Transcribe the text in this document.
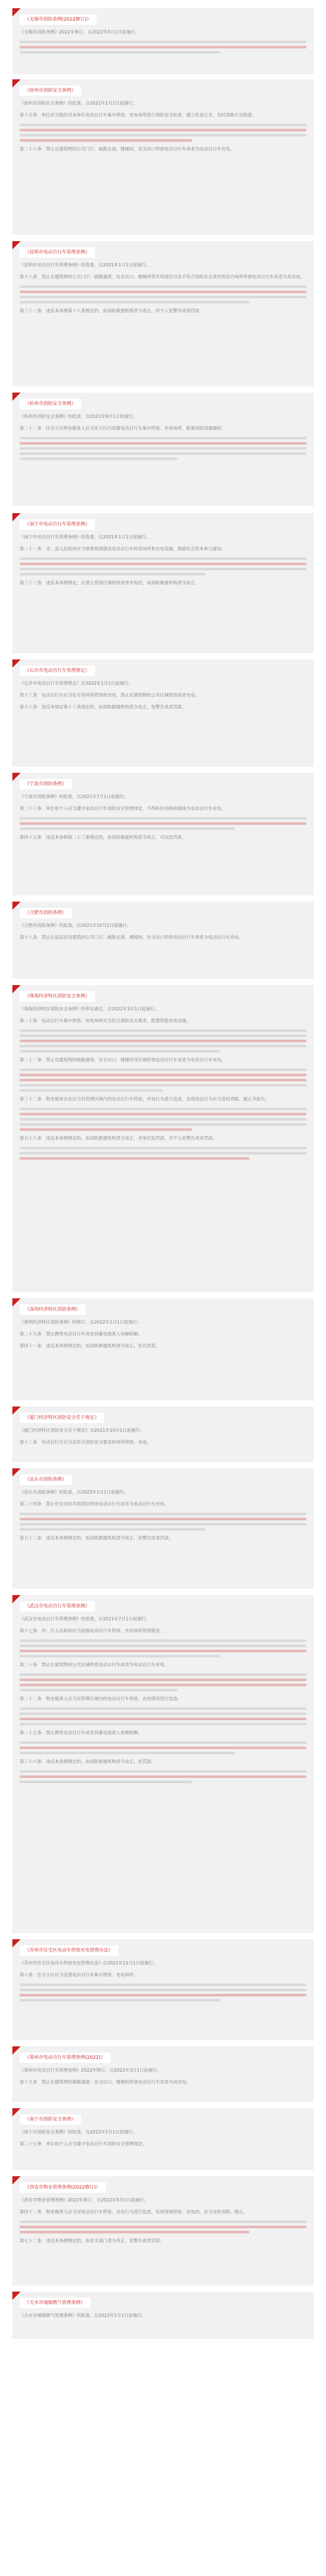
《无锡市消防条例(2022修订)》
《无锡市消防条例》2022年修订，自2022年5月1日起施行。
《徐州市消防安全条例》
《徐州市消防安全条例》经批准，自2021年1月1日起施行。
第十五条　单位应当组织对本单位电动自行车集中停放、充电场所进行消防安全检查，建立检查记录，及时消除火灾隐患。
第二十六条　禁止在建筑物的公共门厅、疏散走道、楼梯间、安全出口停放电动自行车或者为电动自行车充电。
《昆明市电动自行车管理条例》
《昆明市电动自行车管理条例》经批准，自2021年1月1日起施行。
第十八条　禁止在建筑物的公共门厅、疏散通道、安全出口、楼梯间等共用部位以及不符合消防安全条件的室内场所停放电动自行车或者为其充电。
第三十二条　违反本条例第十八条规定的，由消防救援机构责令改正，对个人处警告或者罚款。
《杭州市消防安全条例》
《杭州市消防安全条例》经批准，自2021年9月1日起施行。
第二十二条　住宅小区物业服务人应当在小区内设置电动自行车集中停放、充电场所，配备消防设施器材。
《南宁市电动自行车管理条例》
《南宁市电动自行车管理条例》经批准，自2021年1月1日起施行。
第二十一条　市、县人民政府应当统筹规划建设电动自行车停放场所和充电设施，鼓励社会资本参与建设。
第三十三条　违反本条例规定，在禁止停放区域停放或者充电的，由消防救援机构责令改正。
《长沙市电动自行车管理规定》
《长沙市电动自行车管理规定》自2022年1月1日起施行。
第十三条　电动自行车应当在专用场所停放和充电，禁止在建筑物的公共区域停放或者充电。
第十八条　违反本规定第十三条规定的，由消防救援机构责令改正，处警告或者罚款。
《宁波市消防条例》
《宁波市消防条例》经批准，自2021年7月1日起施行。
第二十三条　单位和个人应当遵守电动自行车消防安全管理规定，不得私拉电线和插座为电动自行车充电。
第四十五条　违反本条例第二十三条规定的，由消防救援机构责令改正，可以处罚款。
《合肥市消防条例》
《合肥市消防条例》经批准，自2021年10月1日起施行。
第十八条　禁止在高层民用建筑的公共门厅、疏散走道、楼梯间、安全出口停放电动自行车或者为电动自行车充电。
《珠海经济特区消防安全条例》
《珠海经济特区消防安全条例》经审议通过，自2022年3月1日起施行。
第二十条　电动自行车集中停放、充电场所应当符合消防安全要求，配置智能充电设施。
第二十一条　禁止在建筑物的疏散通道、安全出口、楼梯间等区域停放电动自行车或者为电动自行车充电。
第三十二条　物业服务企业应当对管理区域内的电动自行车停放、充电行为进行巡查，发现违法行为应当及时劝阻、制止并报告。
第五十八条　违反本条例规定的，由消防救援机构责令改正，对单位处罚款，对个人处警告或者罚款。
《深圳经济特区消防条例》
《深圳经济特区消防条例》经修订，自2022年1月1日起施行。
第二十九条　禁止携带电动自行车或者其蓄电池进入电梯轿厢。
第四十一条　违反本条例规定的，由消防救援机构责令改正，处以罚款。
《厦门经济特区消防安全若干规定》
《厦门经济特区消防安全若干规定》自2021年10月1日起施行。
第十二条　电动自行车应当在符合消防安全要求的场所停放、充电。
《汕头市消防条例》
《汕头市消防条例》经批准，自2022年1月1日起施行。
第二十四条　禁止在住宅的共用部位停放电动自行车或者为电动自行车充电。
第五十二条　违反本条例规定的，由消防救援机构责令改正，处警告或者罚款。
《武汉市电动自行车管理条例》
《武汉市电动自行车管理条例》经批准，自2021年7月1日起施行。
第十七条　市、区人民政府应当加强电动自行车停放、充电场所规划建设。
第二十条　禁止在建筑物的公共区域停放电动自行车或者为电动自行车充电。
第二十二条　物业服务人应当对管理区域内的电动自行车停放、充电情况进行巡查。
第二十五条　禁止携带电动自行车或者其蓄电池进入电梯轿厢。
第三十六条　违反本条例规定的，由消防救援机构责令改正，处罚款。
《苏州市住宅区电动车停放充电管理办法》
《苏州市住宅区电动车停放充电管理办法》自2021年11月1日起施行。
第六条　住宅小区应当设置电动自行车集中停放、充电场所。
《郑州市电动自行车管理条例(2022)》
《郑州市电动自行车管理条例》2022年修订，自2022年3月1日起施行。
第十九条　禁止在建筑物的疏散通道、安全出口、楼梯间停放电动自行车或者为其充电。
《南宁市消防安全条例》
《南宁市消防安全条例》经批准，自2022年1月1日起施行。
第二十七条　单位和个人应当遵守电动自行车消防安全管理规定。
《西安市物业管理条例(2022修订)》
《西安市物业管理条例》2022年修订，自2022年5月1日起施行。
第四十二条　物业服务人应当对电动自行车停放、充电行为进行巡查，发现违规停放、充电的，应当及时劝阻、制止。
第七十二条　违反本条例规定的，由有关部门责令改正，处警告或者罚款。
《天水市城镇燃气管理条例》
《天水市城镇燃气管理条例》经批准，自2022年1月1日起施行。
